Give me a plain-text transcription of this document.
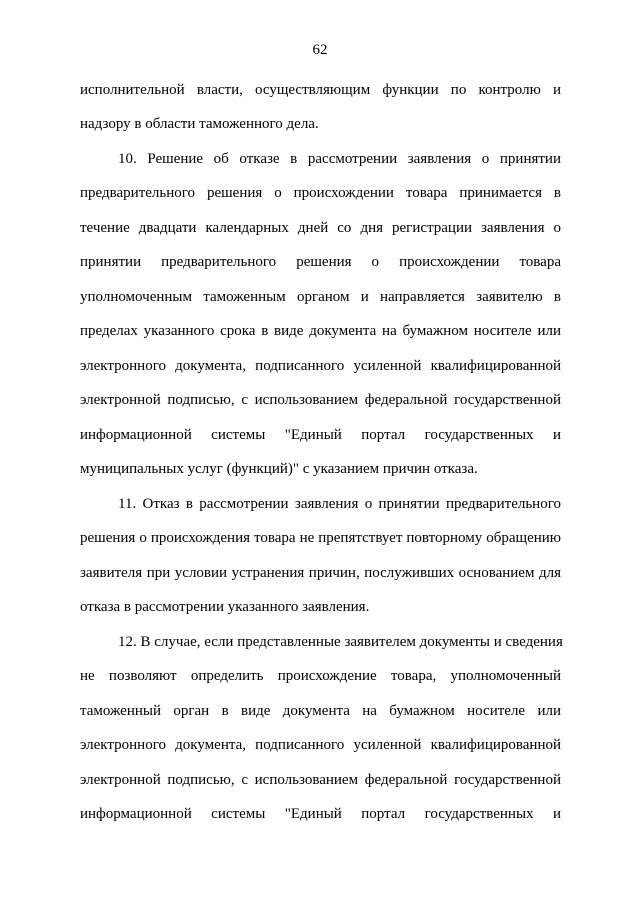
62
исполнительной власти, осуществляющим функции по контролю и
надзору в области таможенного дела.
10. Решение об отказе в рассмотрении заявления о принятии
предварительного решения о происхождении товара принимается в
течение двадцати календарных дней со дня регистрации заявления о
принятии предварительного решения о происхождении товара
уполномоченным таможенным органом и направляется заявителю в
пределах указанного срока в виде документа на бумажном носителе или
электронного документа, подписанного усиленной квалифицированной
электронной подписью, с использованием федеральной государственной
информационной системы "Единый портал государственных и
муниципальных услуг (функций)" с указанием причин отказа.
11. Отказ в рассмотрении заявления о принятии предварительного
решения о происхождения товара не препятствует повторному обращению
заявителя при условии устранения причин, послуживших основанием для
отказа в рассмотрении указанного заявления.
12. В случае, если представленные заявителем документы и сведения
не позволяют определить происхождение товара, уполномоченный
таможенный орган в виде документа на бумажном носителе или
электронного документа, подписанного усиленной квалифицированной
электронной подписью, с использованием федеральной государственной
информационной системы "Единый портал государственных и
